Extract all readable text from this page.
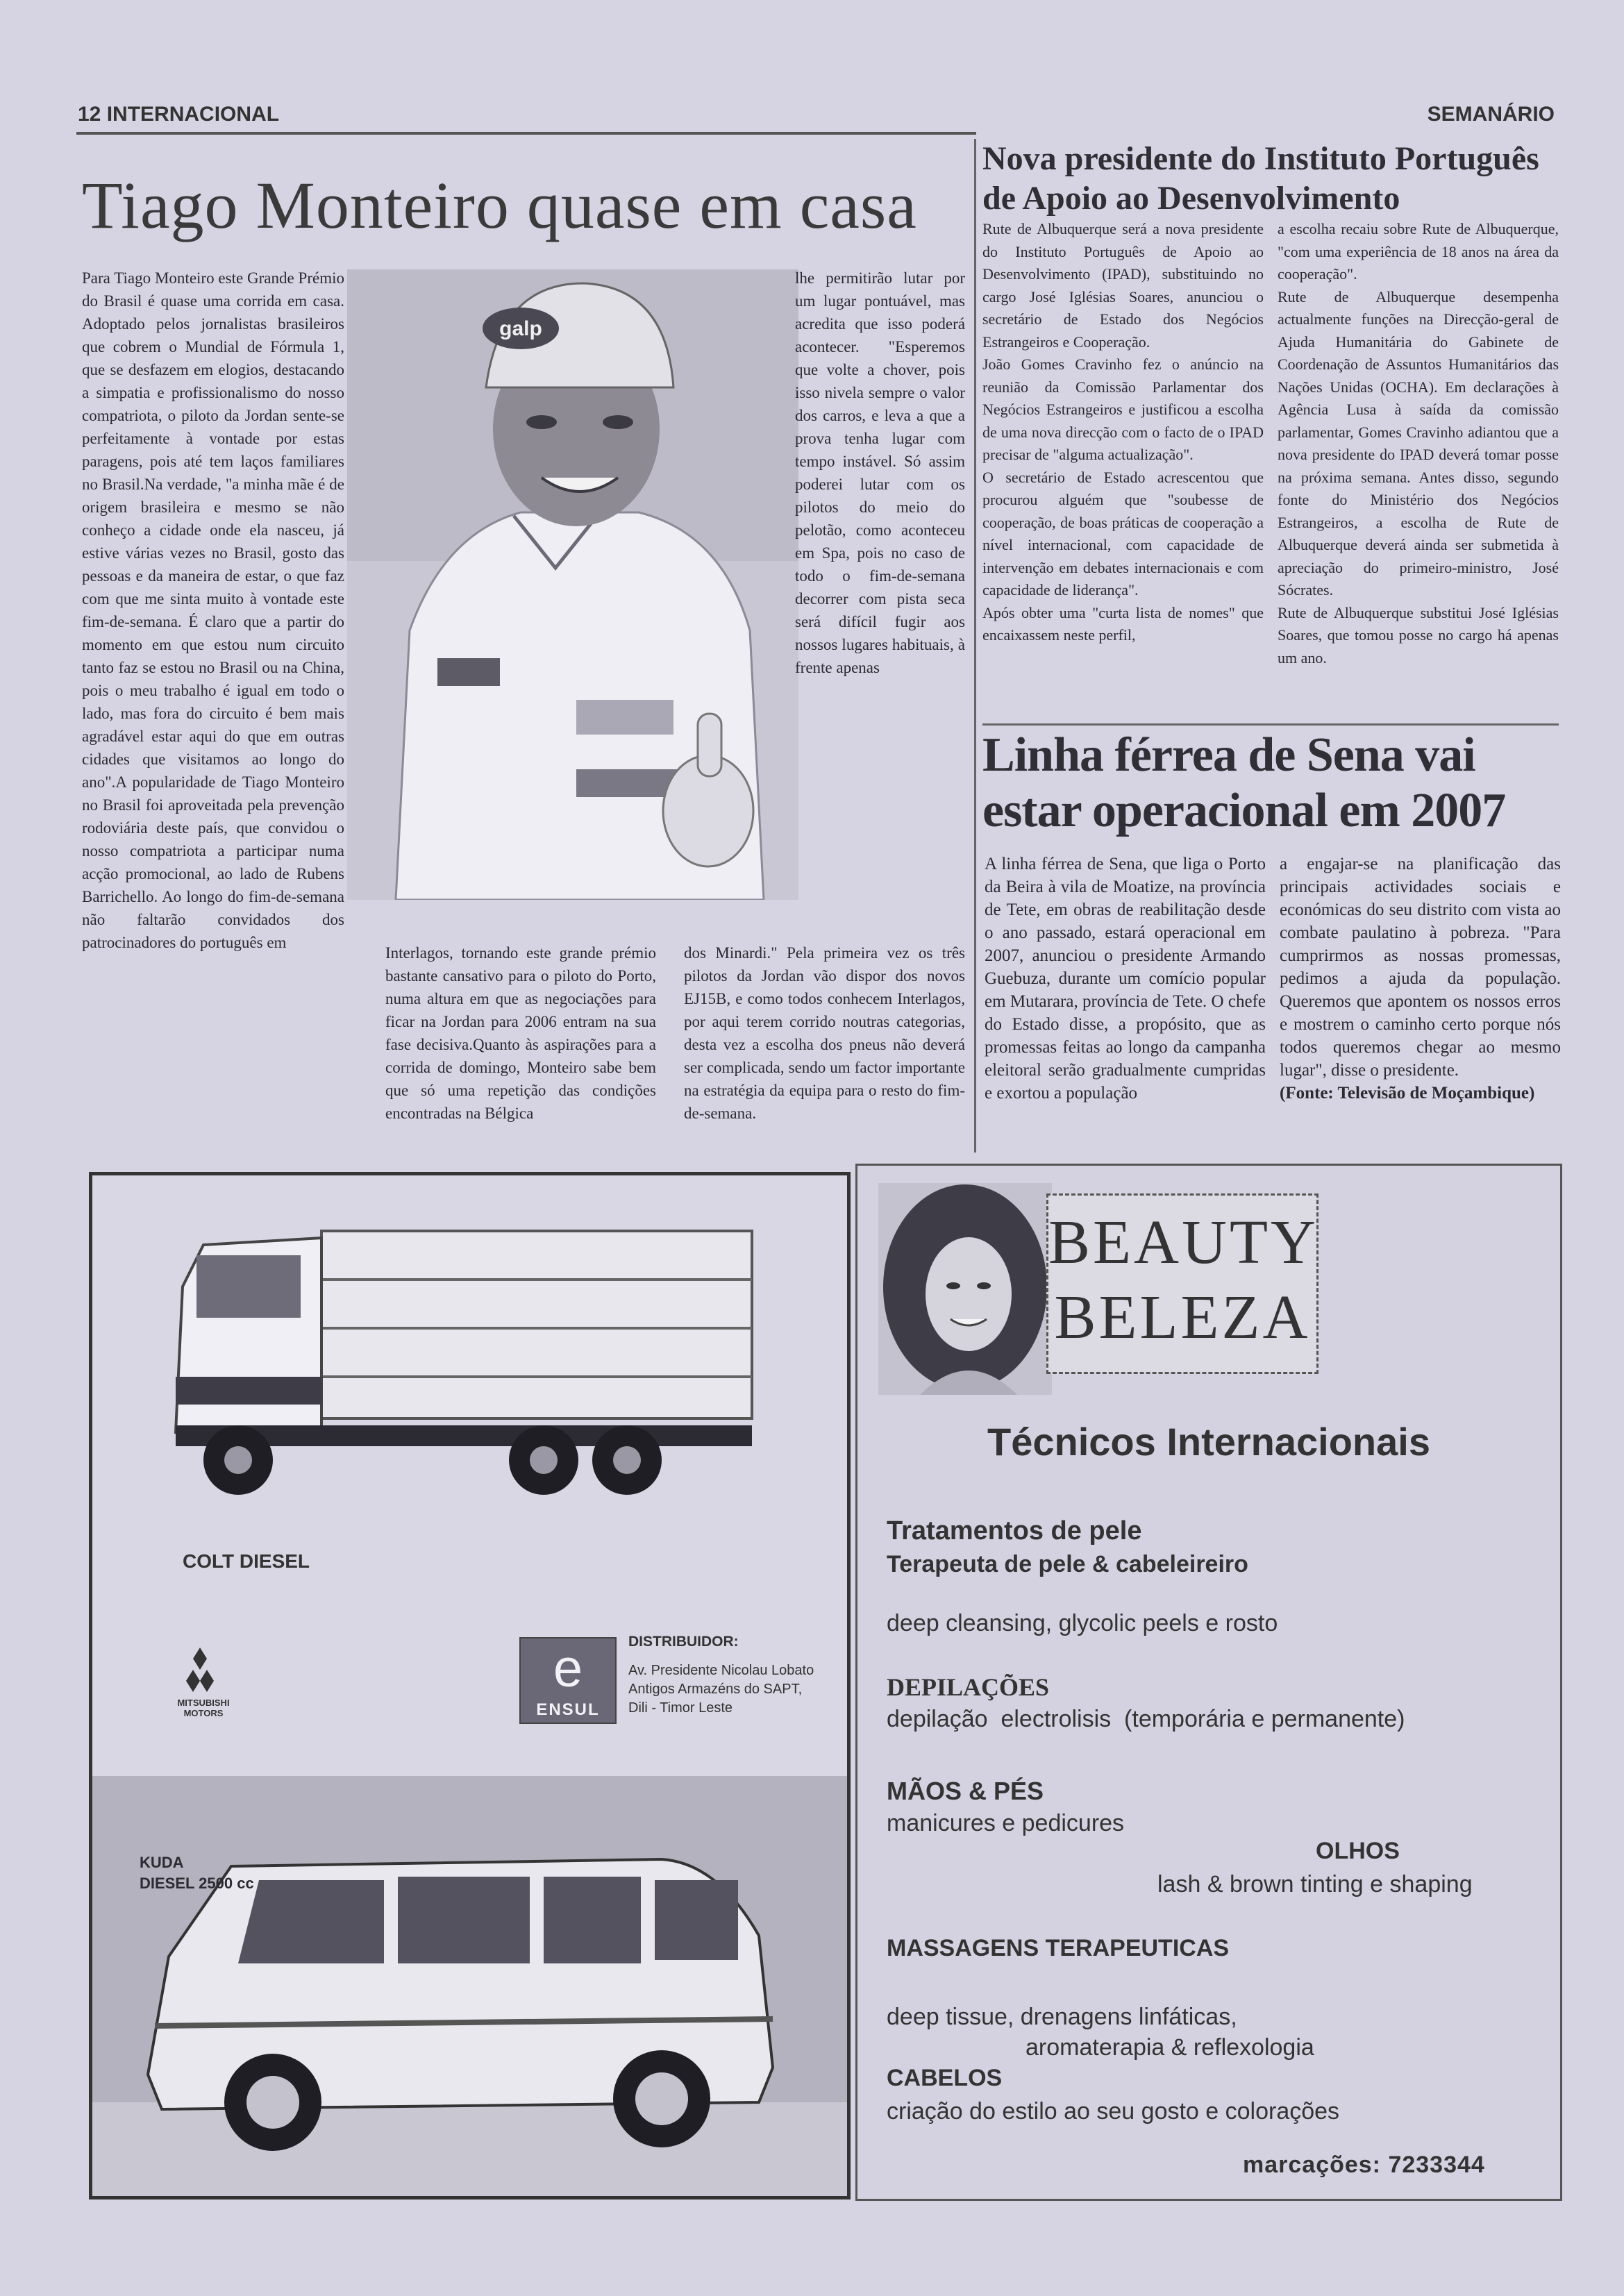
12 INTERNACIONAL	SEMANÁRIO
Tiago Monteiro quase em casa

Para Tiago Monteiro este Grande Prémio do Brasil é quase uma corrida em casa. Adoptado pelos jornalistas brasileiros que cobrem o Mundial de Fórmula 1, que se desfazem em elogios, destacando a simpatia e profissionalismo do nosso compatriota, o piloto da Jordan sente-se perfeitamente à vontade por estas paragens, pois até tem laços familiares no Brasil.Na verdade, "a minha mãe é de origem brasileira e mesmo se não conheço a cidade onde ela nasceu, já estive várias vezes no Brasil, gosto das pessoas e da maneira de estar, o que faz com que me sinta muito à vontade este fim-de-semana. É claro que a partir do momento em que estou num circuito tanto faz se estou no Brasil ou na China, pois o meu trabalho é igual em todo o lado, mas fora do circuito é bem mais agradável estar aqui do que em outras cidades que visitamos ao longo do ano".A popularidade de Tiago Monteiro no Brasil foi aproveitada pela prevenção rodoviária deste país, que convidou o nosso compatriota a participar numa acção promocional, ao lado de Rubens Barrichello. Ao longo do fim-de-semana não faltarão convidados dos patrocinadores do português em

galp

lhe permitirão lutar por um lugar pontuável, mas acredita que isso poderá acontecer. "Esperemos que volte a chover, pois isso nivela sempre o valor dos carros, e leva a que a prova tenha lugar com tempo instável. Só assim poderei lutar com os pilotos do meio do pelotão, como aconteceu em Spa, pois no caso de todo o fim-de-semana decorrer com pista seca será difícil fugir aos nossos lugares habituais, à frente apenas

Interlagos, tornando este grande prémio bastante cansativo para o piloto do Porto, numa altura em que as negociações para ficar na Jordan para 2006 entram na sua fase decisiva.Quanto às aspirações para a corrida de domingo, Monteiro sabe bem que só uma repetição das condições encontradas na Bélgica

dos Minardi." Pela primeira vez os três pilotos da Jordan vão dispor dos novos EJ15B, e como todos conhecem Interlagos, por aqui terem corrido noutras categorias, desta vez a escolha dos pneus não deverá ser complicada, sendo um factor importante na estratégia da equipa para o resto do fim-de-semana.

Nova presidente do Instituto Português de Apoio ao Desenvolvimento

Rute de Albuquerque será a nova presidente do Instituto Português de Apoio ao Desenvolvimento (IPAD), substituindo no cargo José Iglésias Soares, anunciou o secretário de Estado dos Negócios Estrangeiros e Cooperação.

João Gomes Cravinho fez o anúncio na reunião da Comissão Parlamentar dos Negócios Estrangeiros e justificou a escolha de uma nova direcção com o facto de o IPAD precisar de "alguma actualização".

O secretário de Estado acrescentou que procurou alguém que "soubesse de cooperação, de boas práticas de cooperação a nível internacional, com capacidade de intervenção em debates internacionais e com capacidade de liderança".

Após obter uma "curta lista de nomes" que encaixassem neste perfil,

a escolha recaiu sobre Rute de Albuquerque, "com uma experiência de 18 anos na área da cooperação".

Rute de Albuquerque desempenha actualmente funções na Direcção-geral de Ajuda Humanitária do Gabinete de Coordenação de Assuntos Humanitários das Nações Unidas (OCHA). Em declarações à Agência Lusa à saída da comissão parlamentar, Gomes Cravinho adiantou que a nova presidente do IPAD deverá tomar posse na próxima semana. Antes disso, segundo fonte do Ministério dos Negócios Estrangeiros, a escolha de Rute de Albuquerque deverá ainda ser submetida à apreciação do primeiro-ministro, José Sócrates.

Rute de Albuquerque substitui José Iglésias Soares, que tomou posse no cargo há apenas um ano.

Linha férrea de Sena vai estar operacional em 2007

A linha férrea de Sena, que liga o Porto da Beira à vila de Moatize, na província de Tete, em obras de reabilitação desde o ano passado, estará operacional em 2007, anunciou o presidente Armando Guebuza, durante um comício popular em Mutarara, província de Tete. O chefe do Estado disse, a propósito, que as promessas feitas ao longo da campanha eleitoral serão gradualmente cumpridas e exortou a população

a engajar-se na planificação das principais actividades sociais e económicas do seu distrito com vista ao combate paulatino à pobreza. "Para cumprirmos as nossas promessas, pedimos a ajuda da população. Queremos que apontem os nossos erros e mostrem o caminho certo porque nós todos queremos chegar ao mesmo lugar", disse o presidente.

(Fonte: Televisão de Moçambique)

COLT DIESEL
MITSUBISHI MOTORS
e
ENSUL
DISTRIBUIDOR:
Av. Presidente Nicolau Lobato
Antigos Armazéns do SAPT,
Dili - Timor Leste
KUDA
DIESEL 2500 cc
BEAUTY
BELEZA
Técnicos Internacionais
Tratamentos de pele
Terapeuta de pele & cabeleireiro
deep cleansing, glycolic peels e rosto
DEPILAÇÕES
depilação  electrolisis  (temporária e permanente)
MÃOS & PÉS
manicures e pedicures
OLHOS
lash & brown tinting e shaping
MASSAGENS TERAPEUTICAS
deep tissue, drenagens linfáticas,
aromaterapia & reflexologia
CABELOS
criação do estilo ao seu gosto e colorações
marcações: 7233344
